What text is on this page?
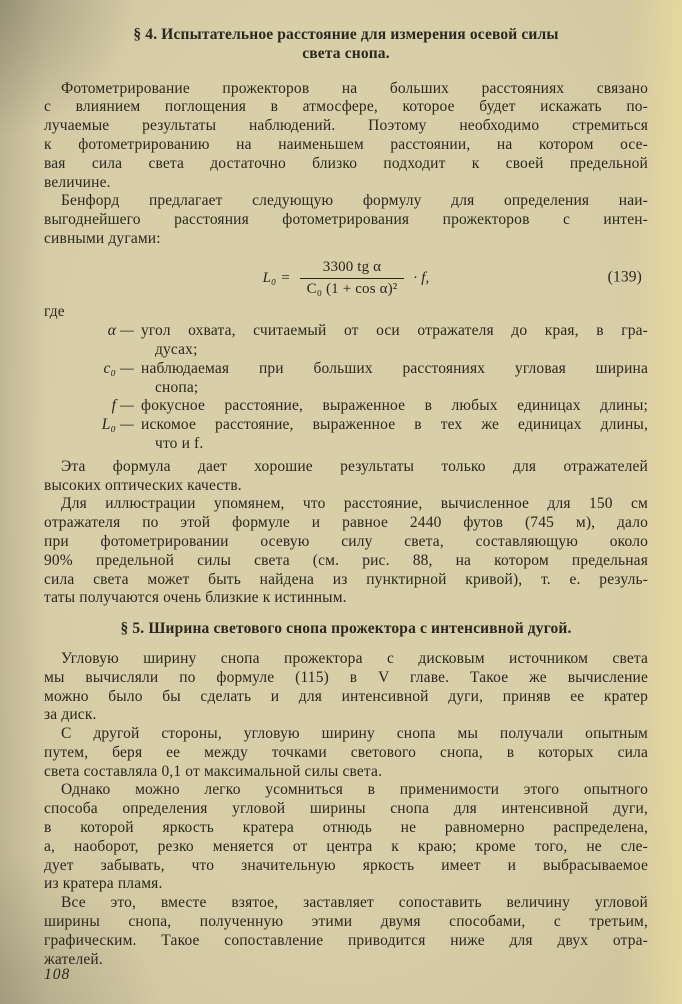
§ 4. Испытательное расстояние для измерения осевой силы
света снопа.
Фотометрирование прожекторов на больших расстояниях связано
с влиянием поглощения в атмосфере, которое будет искажать по-
лучаемые результаты наблюдений. Поэтому необходимо стремиться
к фотометрированию на наименьшем расстоянии, на котором осе-
вая сила света достаточно близко подходит к своей предельной
величине.
Бенфорд предлагает следующую формулу для определения наи-
выгоднейшего расстояния фотометрирования прожекторов с интен-
сивными дугами:
$L_0 = \frac{\text{3300 tg α}}{\text{C₀ (1 + cos α)²}} \cdot f$,	(139)
где
α — угол охвата, считаемый от оси отражателя до края, в гра-
дусах;
c₀ — наблюдаемая при больших расстояниях угловая ширина
снопа;
f — фокусное расстояние, выраженное в любых единицах длины;
L₀ — искомое расстояние, выраженное в тех же единицах длины,
что и f.
Эта формула дает хорошие результаты только для отражателей
высоких оптических качеств.
Для иллюстрации упомянем, что расстояние, вычисленное для 150 см
отражателя по этой формуле и равное 2440 футов (745 м), дало
при фотометрировании осевую силу света, составляющую около
90% предельной силы света (см. рис. 88, на котором предельная
сила света может быть найдена из пунктирной кривой), т. е. резуль-
таты получаются очень близкие к истинным.
§ 5. Ширина светового снопа прожектора с интенсивной дугой.
Угловую ширину снопа прожектора с дисковым источником света
мы вычисляли по формуле (115) в V главе. Такое же вычисление
можно было бы сделать и для интенсивной дуги, приняв ее кратер
за диск.
С другой стороны, угловую ширину снопа мы получали опытным
путем, беря ее между точками светового снопа, в которых сила
света составляла 0,1 от максимальной силы света.
Однако можно легко усомниться в применимости этого опытного
способа определения угловой ширины снопа для интенсивной дуги,
в которой яркость кратера отнюдь не равномерно распределена,
а, наоборот, резко меняется от центра к краю; кроме того, не сле-
дует забывать, что значительную яркость имеет и выбрасываемое
из кратера пламя.
Все это, вместе взятое, заставляет сопоставить величину угловой
ширины снопа, полученную этими двумя способами, с третьим,
графическим. Такое сопоставление приводится ниже для двух отра-
жателей.
108
